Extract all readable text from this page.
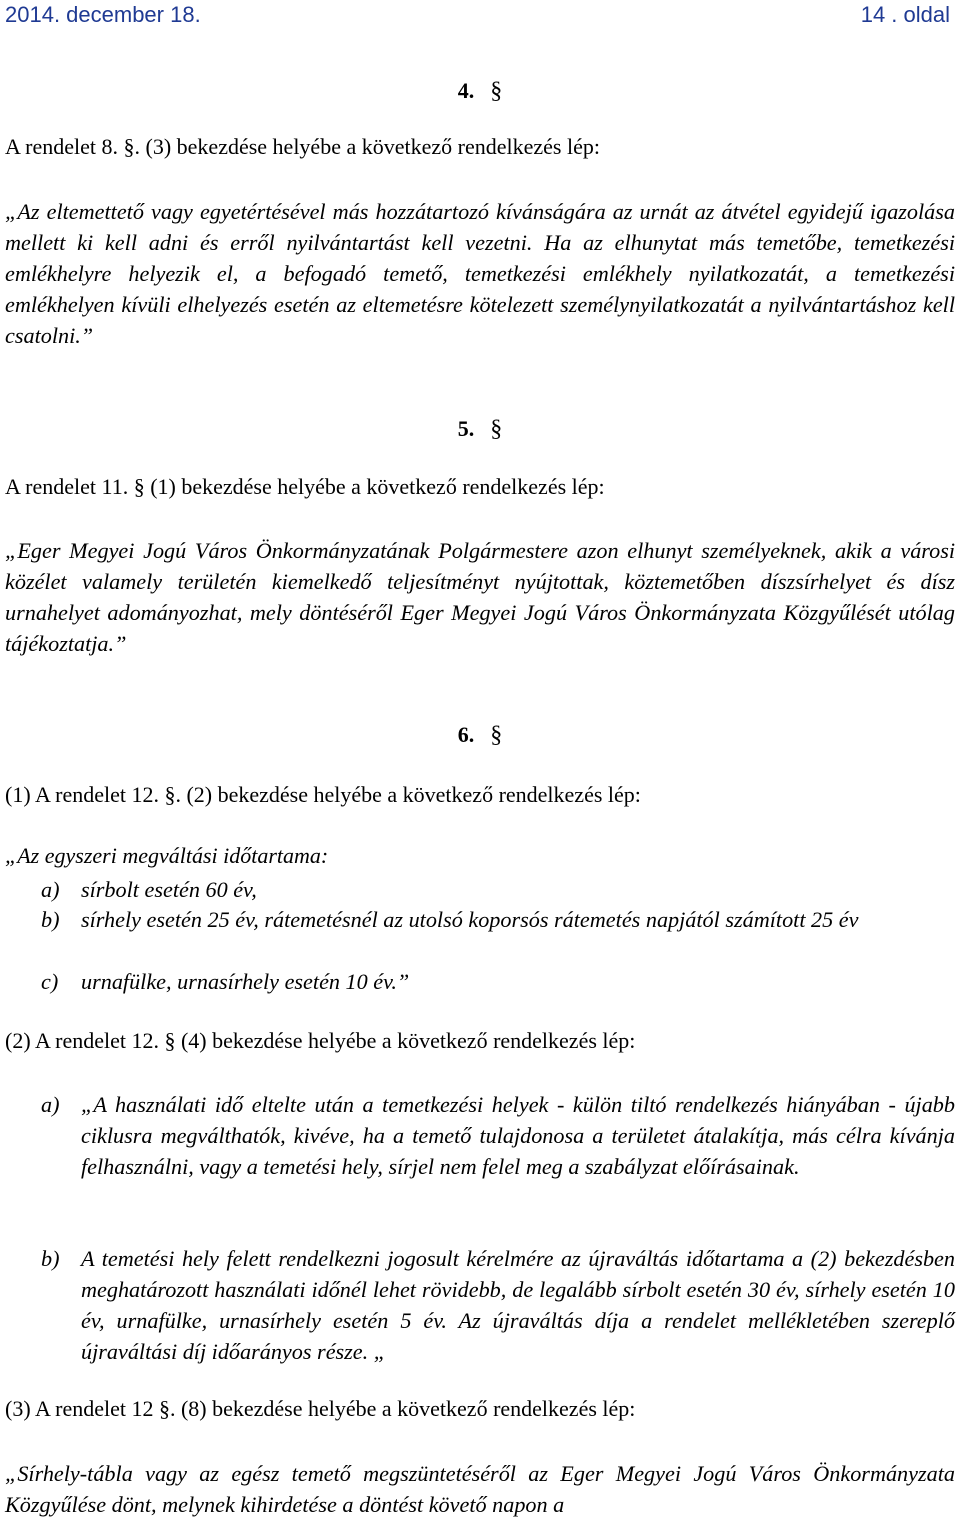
2014. december 18.	14 . oldal
4. §
A rendelet 8. §. (3) bekezdése helyébe a következő rendelkezés lép:
„Az eltemettető vagy egyetértésével más hozzátartozó kívánságára az urnát az átvétel egyidejű igazolása mellett ki kell adni és erről nyilvántartást kell vezetni. Ha az elhunytat más temetőbe, temetkezési emlékhelyre helyezik el, a befogadó temető, temetkezési emlékhely nyilatkozatát, a temetkezési emlékhelyen kívüli elhelyezés esetén az eltemetésre kötelezett személynyilatkozatát a nyilvántartáshoz kell csatolni.”
5. §
A rendelet 11. § (1) bekezdése helyébe a következő rendelkezés lép:
„Eger Megyei Jogú Város Önkormányzatának Polgármestere azon elhunyt személyeknek, akik a városi közélet valamely területén kiemelkedő teljesítményt nyújtottak, köztemetőben díszsírhelyet és dísz urnahelyet adományozhat, mely döntéséről Eger Megyei Jogú Város Önkormányzata Közgyűlését utólag tájékoztatja.”
6. §
(1) A rendelet 12. §. (2) bekezdése helyébe a következő rendelkezés lép:
„Az egyszeri megváltási időtartama:
a) sírbolt esetén 60 év,
b) sírhely esetén 25 év, rátemetésnél az utolsó koporsós rátemetés napjától számított 25 év
c) urnafülke, urnasírhely esetén 10 év.”
(2) A rendelet 12. § (4) bekezdése helyébe a következő rendelkezés lép:
a) „A használati idő eltelte után a temetkezési helyek - külön tiltó rendelkezés hiányában - újabb ciklusra megválthatók, kivéve, ha a temető tulajdonosa a területet átalakítja, más célra kívánja felhasználni, vagy a temetési hely, sírjel nem felel meg a szabályzat előírásainak.
b) A temetési hely felett rendelkezni jogosult kérelmére az újraváltás időtartama a (2) bekezdésben meghatározott használati időnél lehet rövidebb, de legalább sírbolt esetén 30 év, sírhely esetén 10 év, urnafülke, urnasírhely esetén 5 év. Az újraváltás díja a rendelet mellékletében szereplő újraváltási díj időarányos része. „
(3) A rendelet 12 §. (8) bekezdése helyébe a következő rendelkezés lép:
„Sírhely-tábla vagy az egész temető megszüntetéséről az Eger Megyei Jogú Város Önkormányzata Közgyűlése dönt, melynek kihirdetése a döntést követő napon a
